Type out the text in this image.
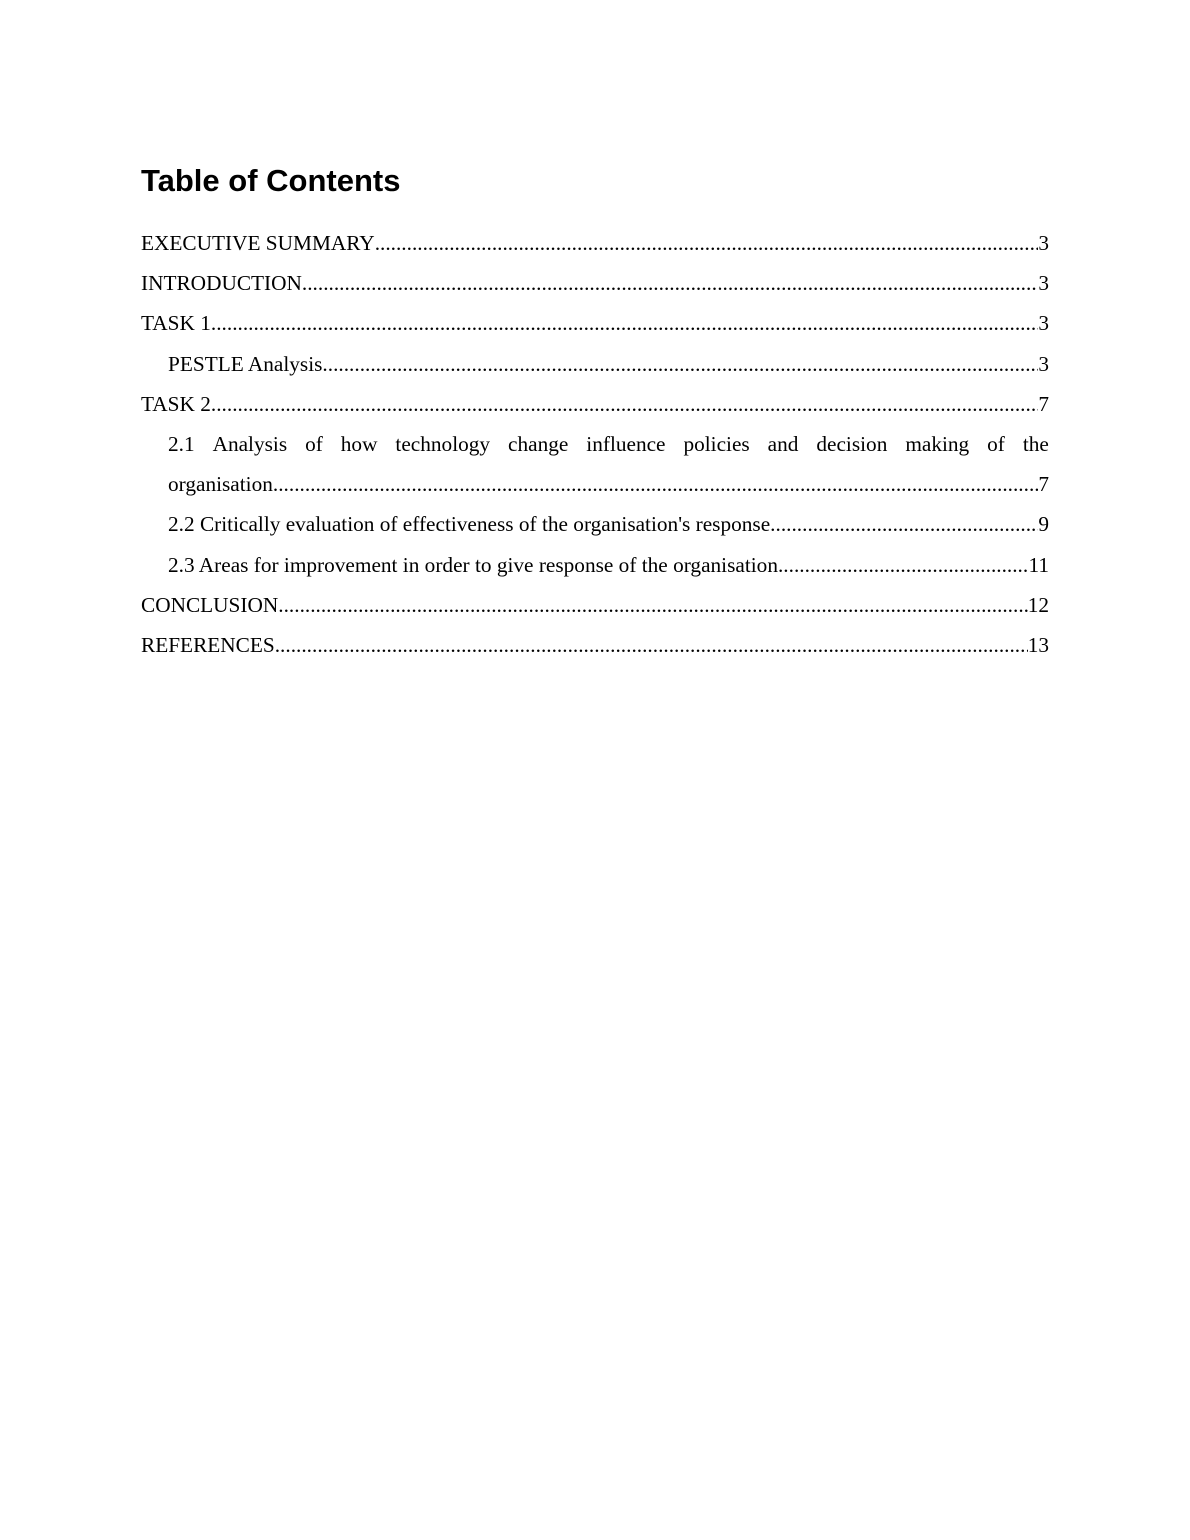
Table of Contents
EXECUTIVE SUMMARY .....	3
INTRODUCTION .....	3
TASK 1 .....	3
PESTLE Analysis .....	3
TASK 2 .....	7
2.1 Analysis of how technology change influence policies and decision making of the
organisation .....	7
2.2 Critically evaluation of effectiveness of the organisation's response .....	9
2.3 Areas for improvement in order to give response of the organisation .....	11
CONCLUSION .....	12
REFERENCES .....	13
